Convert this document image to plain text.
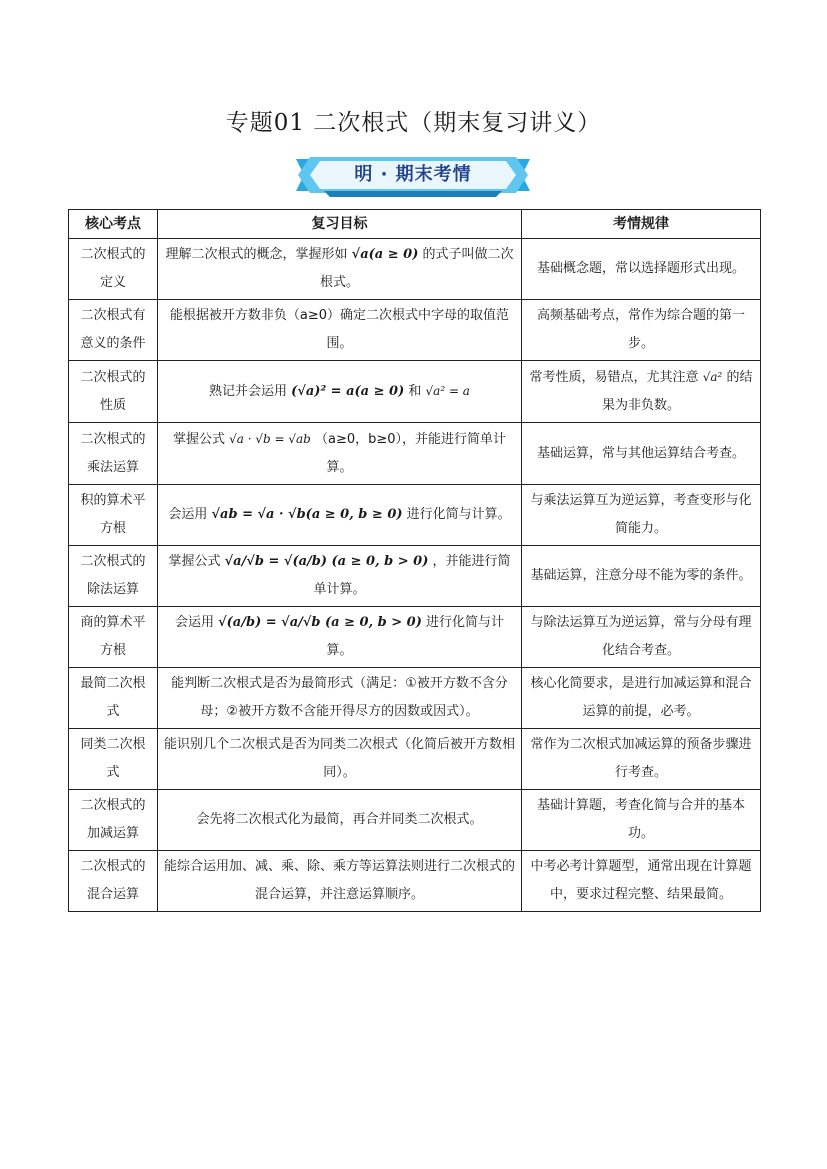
专题01 二次根式（期末复习讲义）
明 · 期末考情
核心考点	复习目标	考情规律
二次根式的定义	理解二次根式的概念，掌握形如 √a(a ≥ 0) 的式子叫做二次根式。	基础概念题，常以选择题形式出现。
二次根式有意义的条件	能根据被开方数非负（a≥0）确定二次根式中字母的取值范围。	高频基础考点，常作为综合题的第一步。
二次根式的性质	熟记并会运用 (√a)² = a(a ≥ 0) 和 √a² = a	常考性质，易错点，尤其注意 √a² 的结果为非负数。
二次根式的乘法运算	掌握公式 √a · √b = √ab （a≥0，b≥0），并能进行简单计算。	基础运算，常与其他运算结合考查。
积的算术平方根	会运用 √ab = √a · √b(a ≥ 0, b ≥ 0) 进行化简与计算。	与乘法运算互为逆运算，考查变形与化简能力。
二次根式的除法运算	掌握公式 √a/√b = √(a/b) (a ≥ 0, b > 0) ，并能进行简单计算。	基础运算，注意分母不能为零的条件。
商的算术平方根	会运用 √(a/b) = √a/√b (a ≥ 0, b > 0) 进行化简与计算。	与除法运算互为逆运算，常与分母有理化结合考查。
最简二次根式	能判断二次根式是否为最简形式（满足：①被开方数不含分母；②被开方数不含能开得尽方的因数或因式）。	核心化简要求，是进行加减运算和混合运算的前提，必考。
同类二次根式	能识别几个二次根式是否为同类二次根式（化简后被开方数相同）。	常作为二次根式加减运算的预备步骤进行考查。
二次根式的加减运算	会先将二次根式化为最简，再合并同类二次根式。	基础计算题，考查化简与合并的基本功。
二次根式的混合运算	能综合运用加、减、乘、除、乘方等运算法则进行二次根式的混合运算，并注意运算顺序。	中考必考计算题型，通常出现在计算题中，要求过程完整、结果最简。
